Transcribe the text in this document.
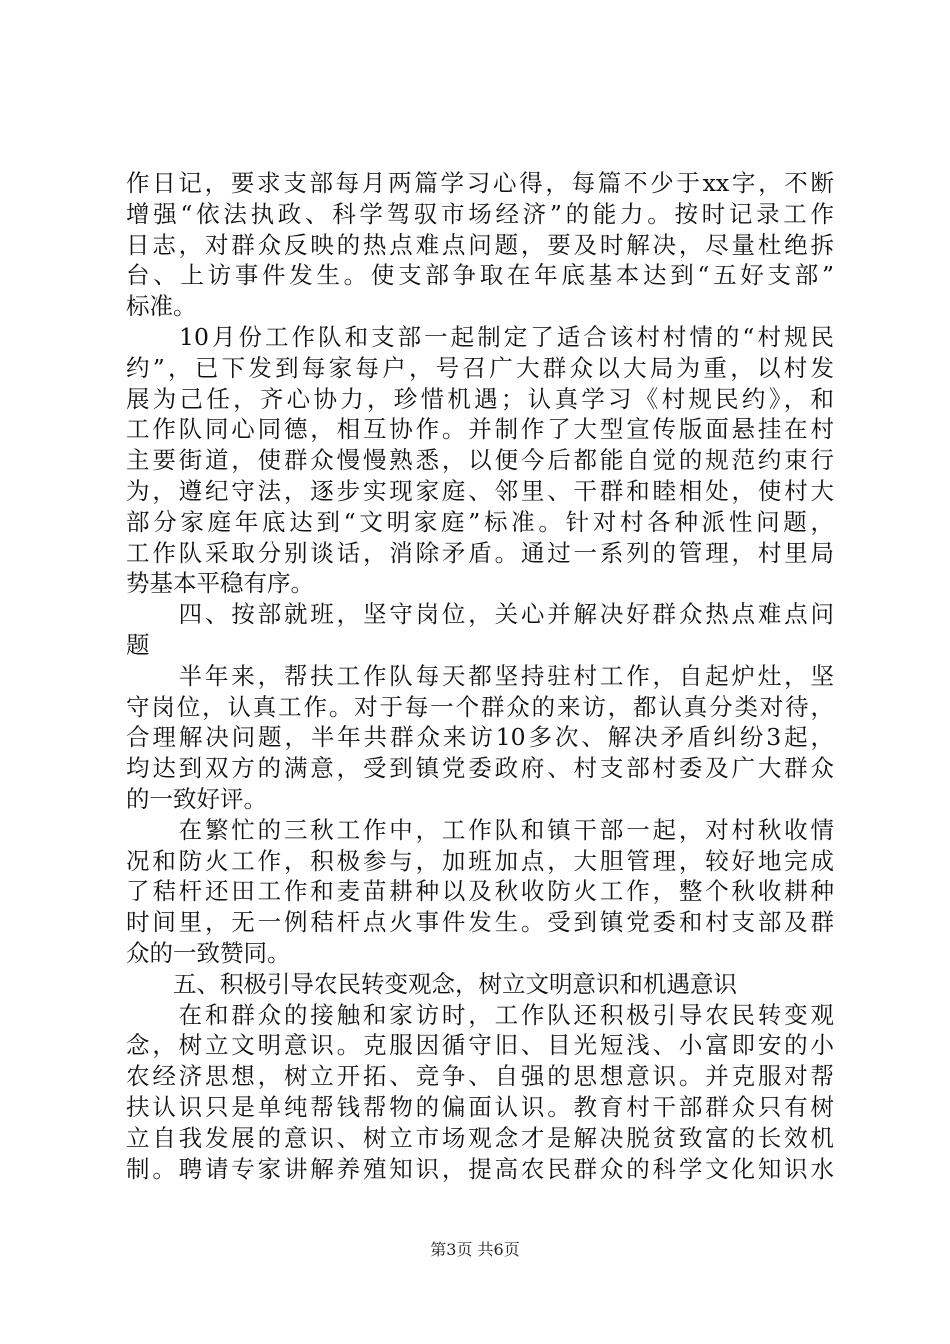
作日记，要求支部每月两篇学习心得，每篇不少于xx字，不断
增强“依法执政、科学驾驭市场经济”的能力。按时记录工作
日志，对群众反映的热点难点问题，要及时解决，尽量杜绝拆
台、上访事件发生。使支部争取在年底基本达到“五好支部”
标准。
　　10月份工作队和支部一起制定了适合该村村情的“村规民
约”，已下发到每家每户，号召广大群众以大局为重，以村发
展为己任，齐心协力，珍惜机遇；认真学习《村规民约》，和
工作队同心同德，相互协作。并制作了大型宣传版面悬挂在村
主要街道，使群众慢慢熟悉，以便今后都能自觉的规范约束行
为，遵纪守法，逐步实现家庭、邻里、干群和睦相处，使村大
部分家庭年底达到“文明家庭”标准。针对村各种派性问题，
工作队采取分别谈话，消除矛盾。通过一系列的管理，村里局
势基本平稳有序。
　　四、按部就班，坚守岗位，关心并解决好群众热点难点问
题
　　半年来，帮扶工作队每天都坚持驻村工作，自起炉灶，坚
守岗位，认真工作。对于每一个群众的来访，都认真分类对待，
合理解决问题，半年共群众来访10多次、解决矛盾纠纷3起，
均达到双方的满意，受到镇党委政府、村支部村委及广大群众
的一致好评。
　　在繁忙的三秋工作中，工作队和镇干部一起，对村秋收情
况和防火工作，积极参与，加班加点，大胆管理，较好地完成
了秸杆还田工作和麦苗耕种以及秋收防火工作，整个秋收耕种
时间里，无一例秸杆点火事件发生。受到镇党委和村支部及群
众的一致赞同。
　　五、积极引导农民转变观念，树立文明意识和机遇意识
　　在和群众的接触和家访时，工作队还积极引导农民转变观
念，树立文明意识。克服因循守旧、目光短浅、小富即安的小
农经济思想，树立开拓、竞争、自强的思想意识。并克服对帮
扶认识只是单纯帮钱帮物的偏面认识。教育村干部群众只有树
立自我发展的意识、树立市场观念才是解决脱贫致富的长效机
制。聘请专家讲解养殖知识，提高农民群众的科学文化知识水
第3页 共6页
